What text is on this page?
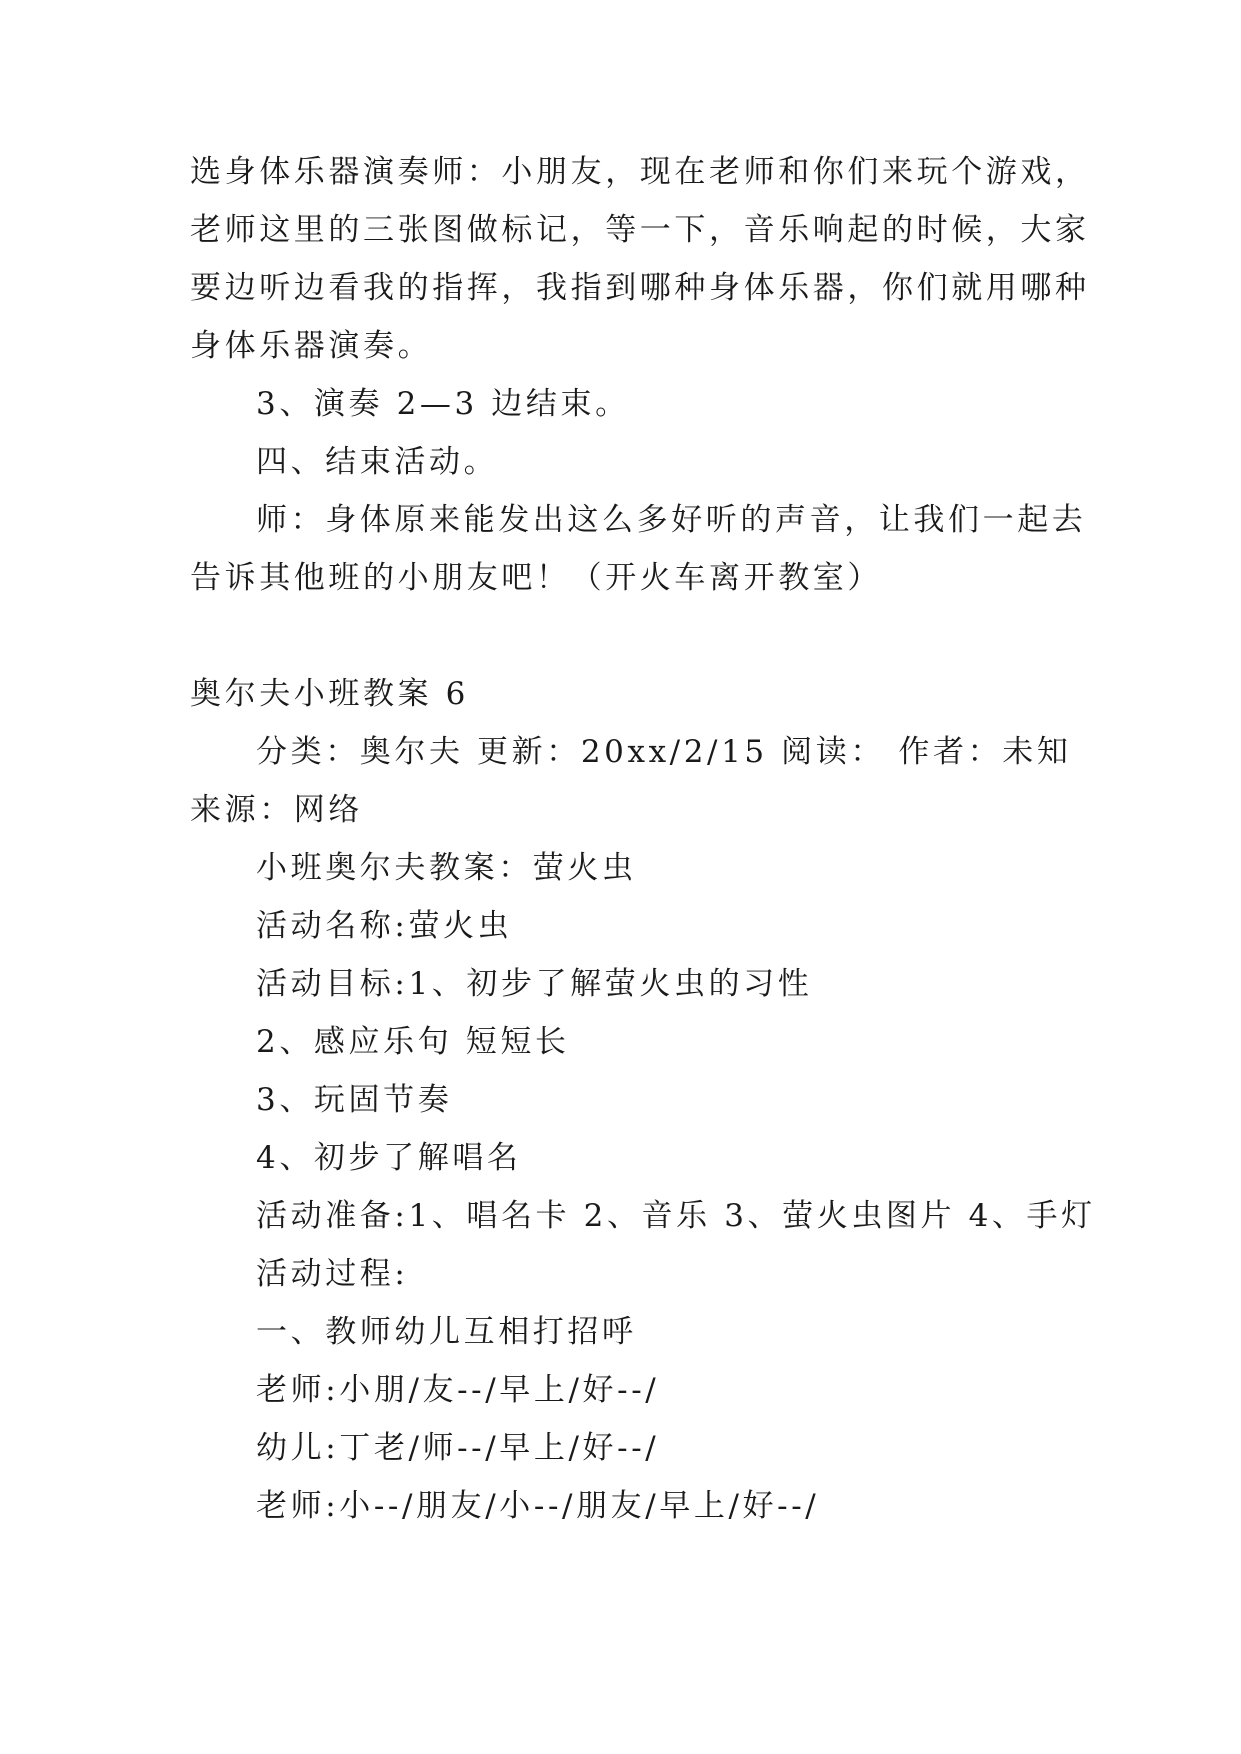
选身体乐器演奏师：小朋友，现在老师和你们来玩个游戏，
老师这里的三张图做标记，等一下，音乐响起的时候，大家
要边听边看我的指挥，我指到哪种身体乐器，你们就用哪种
身体乐器演奏。
3、演奏 2—3 边结束。
四、结束活动。
师：身体原来能发出这么多好听的声音，让我们一起去
告诉其他班的小朋友吧！（开火车离开教室）
奥尔夫小班教案 6
分类：奥尔夫 更新：20xx/2/15 阅读： 作者：未知
来源：网络
小班奥尔夫教案：萤火虫
活动名称:萤火虫
活动目标:1、初步了解萤火虫的习性
2、感应乐句 短短长
3、玩固节奏
4、初步了解唱名
活动准备:1、唱名卡 2、音乐 3、萤火虫图片 4、手灯
活动过程:
一、教师幼儿互相打招呼
老师:小朋/友--/早上/好--/
幼儿:丁老/师--/早上/好--/
老师:小--/朋友/小--/朋友/早上/好--/
